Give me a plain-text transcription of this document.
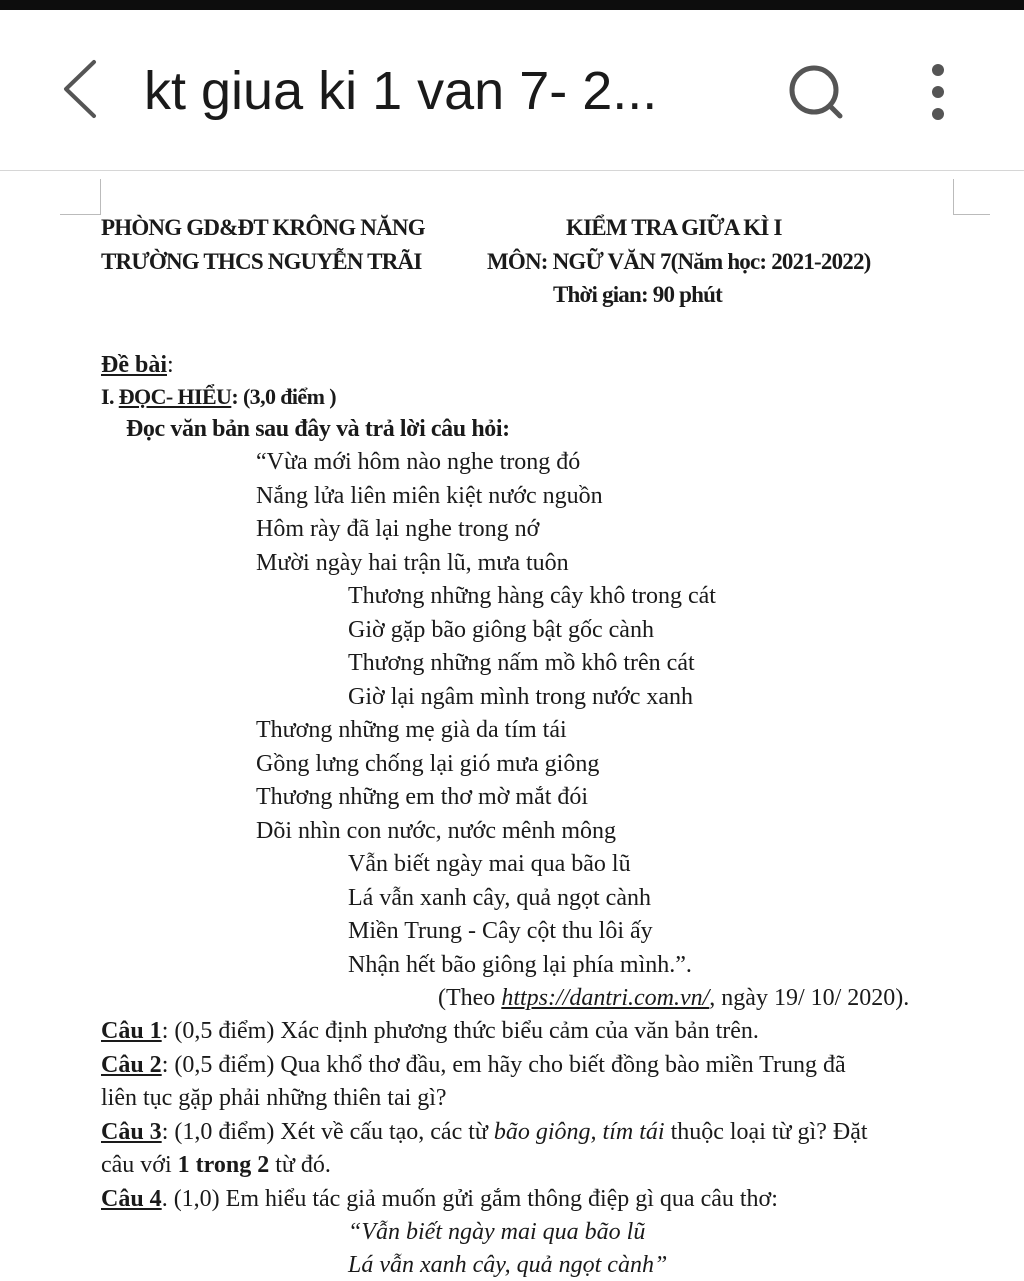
kt giua ki 1 van 7- 2...
PHÒNG GD&ĐT KRÔNG NĂNG
TRƯỜNG THCS NGUYỄN TRÃI
KIỂM TRA GIỮA KÌ I
MÔN: NGỮ VĂN 7(Năm học: 2021-2022)
Thời gian: 90 phút
Đề bài:
I. ĐỌC- HIỂU: (3,0 điểm )
Đọc văn bản sau đây và trả lời câu hỏi:
“Vừa mới hôm nào nghe trong đó
Nắng lửa liên miên kiệt nước nguồn
Hôm rày đã lại nghe trong nớ
Mười ngày hai trận lũ, mưa tuôn
Thương những hàng cây khô trong cát
Giờ gặp bão giông bật gốc cành
Thương những nấm mồ khô trên cát
Giờ lại ngâm mình trong nước xanh
Thương những mẹ già da tím tái
Gồng lưng chống lại gió mưa giông
Thương những em thơ mờ mắt đói
Dõi nhìn con nước, nước mênh mông
Vẫn biết ngày mai qua bão lũ
Lá vẫn xanh cây, quả ngọt cành
Miền Trung - Cây cột thu lôi ấy
Nhận hết bão giông lại phía mình.”.
(Theo https://dantri.com.vn/, ngày 19/ 10/ 2020).
Câu 1: (0,5 điểm) Xác định phương thức biểu cảm của văn bản trên.
Câu 2: (0,5 điểm) Qua khổ thơ đầu, em hãy cho biết đồng bào miền Trung đã
liên tục gặp phải những thiên tai gì?
Câu 3: (1,0 điểm) Xét về cấu tạo, các từ bão giông, tím tái thuộc loại từ gì? Đặt
câu với 1 trong 2 từ đó.
Câu 4. (1,0) Em hiểu tác giả muốn gửi gắm thông điệp gì qua câu thơ:
“Vẫn biết ngày mai qua bão lũ
Lá vẫn xanh cây, quả ngọt cành”
